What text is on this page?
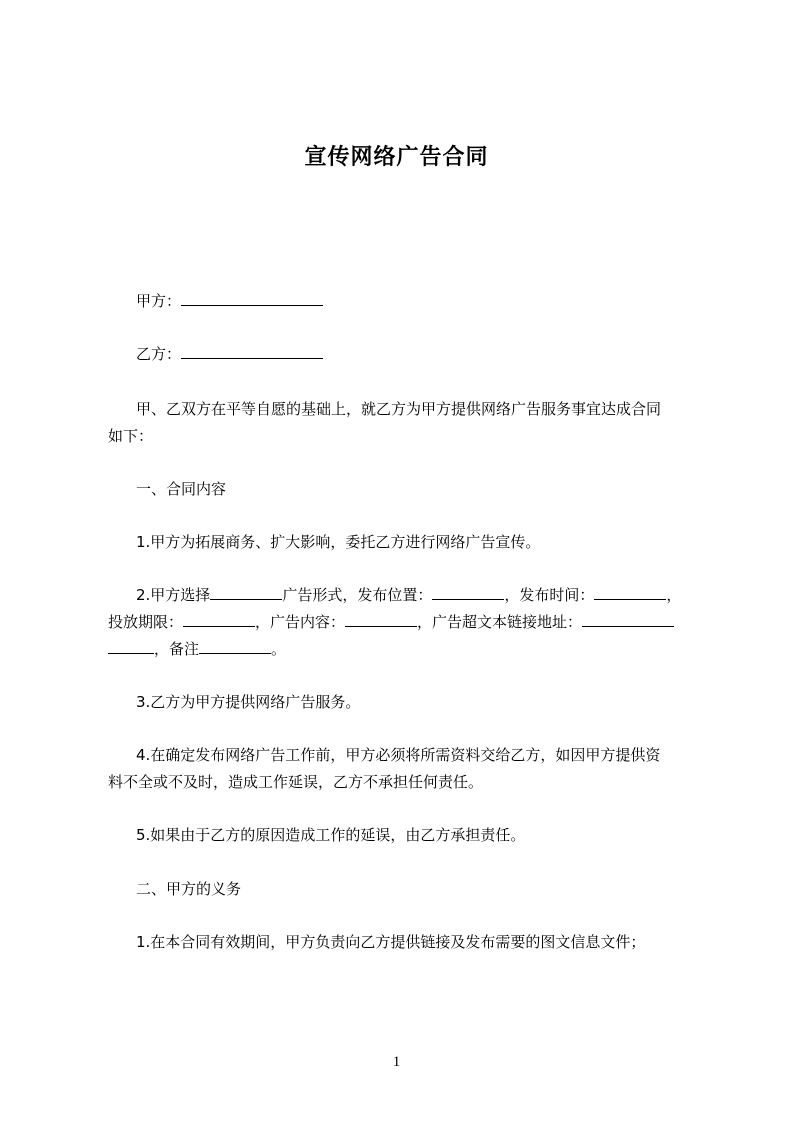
宣传网络广告合同
甲方：
乙方：
甲、乙双方在平等自愿的基础上，就乙方为甲方提供网络广告服务事宜达成合同
如下：
一、合同内容
1.甲方为拓展商务、扩大影响，委托乙方进行网络广告宣传。
2.甲方选择	广告形式，发布位置：	，发布时间：	，
投放期限：	，广告内容：	，广告超文本链接地址：
，备注	。
3.乙方为甲方提供网络广告服务。
4.在确定发布网络广告工作前，甲方必须将所需资料交给乙方，如因甲方提供资
料不全或不及时，造成工作延误，乙方不承担任何责任。
5.如果由于乙方的原因造成工作的延误，由乙方承担责任。
二、甲方的义务
1.在本合同有效期间，甲方负责向乙方提供链接及发布需要的图文信息文件；
1
